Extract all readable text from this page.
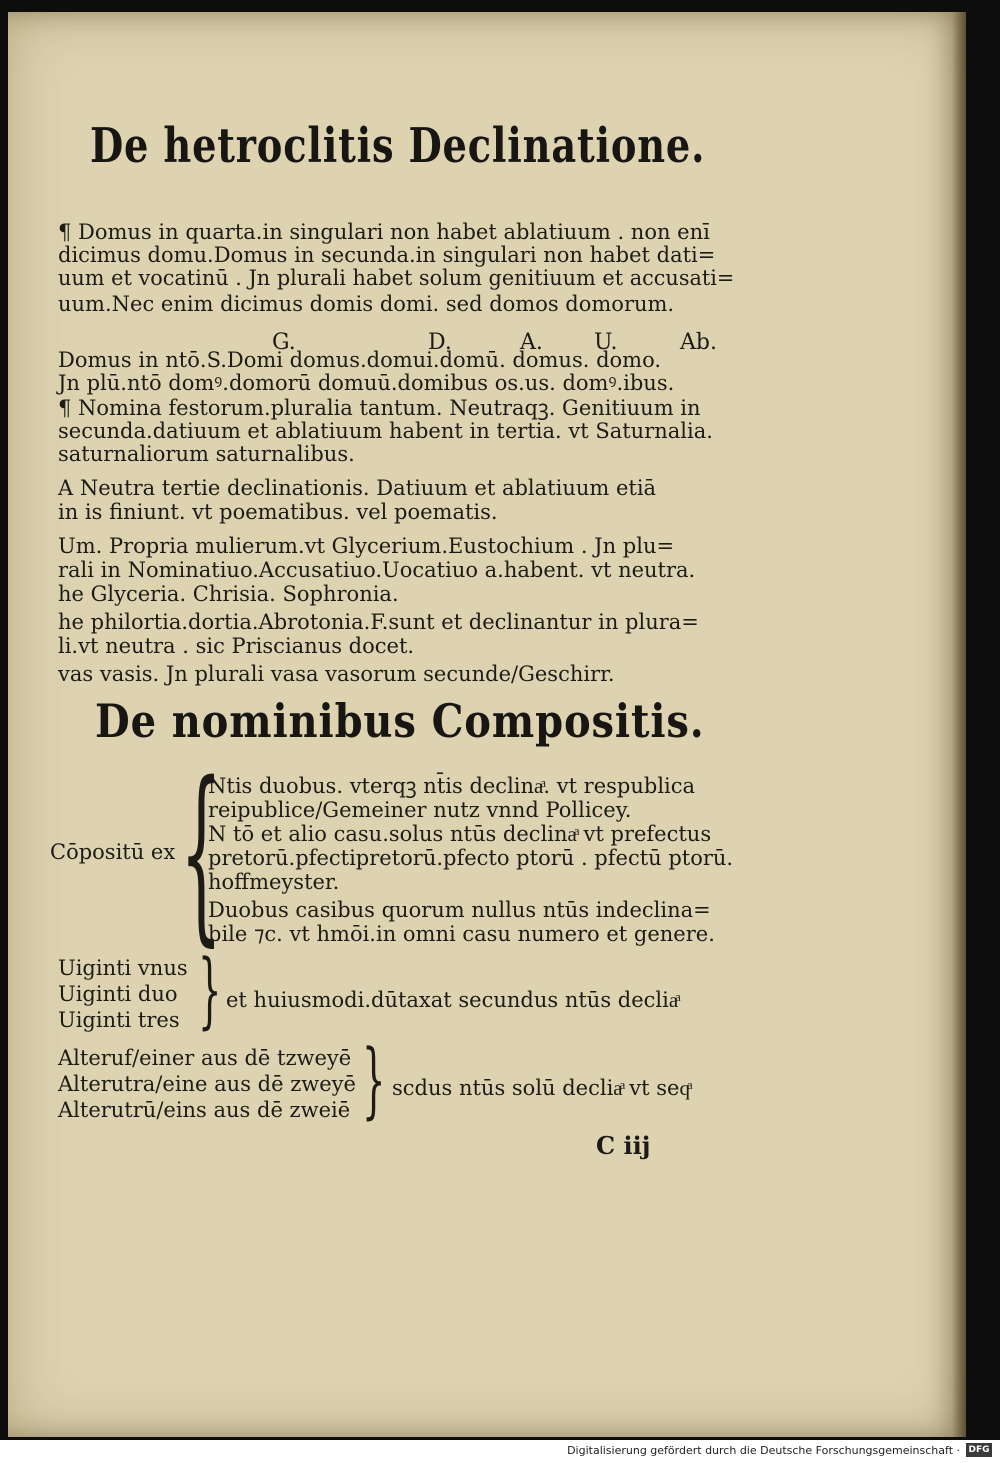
De hetroclitis Declinatione.
¶ Domus in quarta.in singulari non habet ablatiuum . non enī
dicimus domu.Domus in secunda.in singulari non habet dati=
uum et vocatinū . Jn plurali habet solum genitiuum et accusati=
uum.Nec enim dicimus domis domi. sed domos domorum.
G.	D.	A. U.	Ab.
Domus in ntō.S.Domi domus.domui.domū. domus. domo.
Jn plū.ntō domꝰ.domorū domuū.domibus os.us. domꝰ.ibus.
¶ Nomina festorum.pluralia tantum. Neutraqꝫ. Genitiuum in
secunda.datiuum et ablatiuum habent in tertia. vt Saturnalia.
saturnaliorum saturnalibus.
A Neutra tertie declinationis. Datiuum et ablatiuum etiā
in is finiunt. vt poematibus. vel poematis.
Um. Propria mulierum.vt Glycerium.Eustochium . Jn plu=
rali in Nominatiuo.Accusatiuo.Uocatiuo a.habent. vt neutra.
he Glyceria. Chrisia. Sophronia.
he philortia.dortia.Abrotonia.F.sunt et declinantur in plura=
li.vt neutra . sic Priscianus docet.
vas vasis. Jn plurali vasa vasorum secunde/Geschirr.
De nominibus Compositis.
{
Cōpositū ex
Ntis duobus. vterqꝫ nt̄is declinaͣ. vt respublica
reipublice/Gemeiner nutz vnnd Pollicey.
N tō et alio casu.solus ntūs declinaͣ vt prefectus
pretorū.pfectipretorū.pfecto ptorū . pfectū ptorū.
hoffmeyster.
Duobus casibus quorum nullus ntūs indeclina=
bile ⁊c. vt hmōi.in omni casu numero et genere.
Uiginti vnus
Uiginti duo
Uiginti tres } et huiusmodi.dūtaxat secundus ntūs decliaͣ
Alteruf/einer aus dē tzweyē
Alterutra/eine aus dē zweyē
Alterutrū/eins aus dē zweiē } scdus ntūs solū decliaͣ vt seqͣ
C iij
Digitalisierung gefördert durch die Deutsche Forschungsgemeinschaft · DFG
